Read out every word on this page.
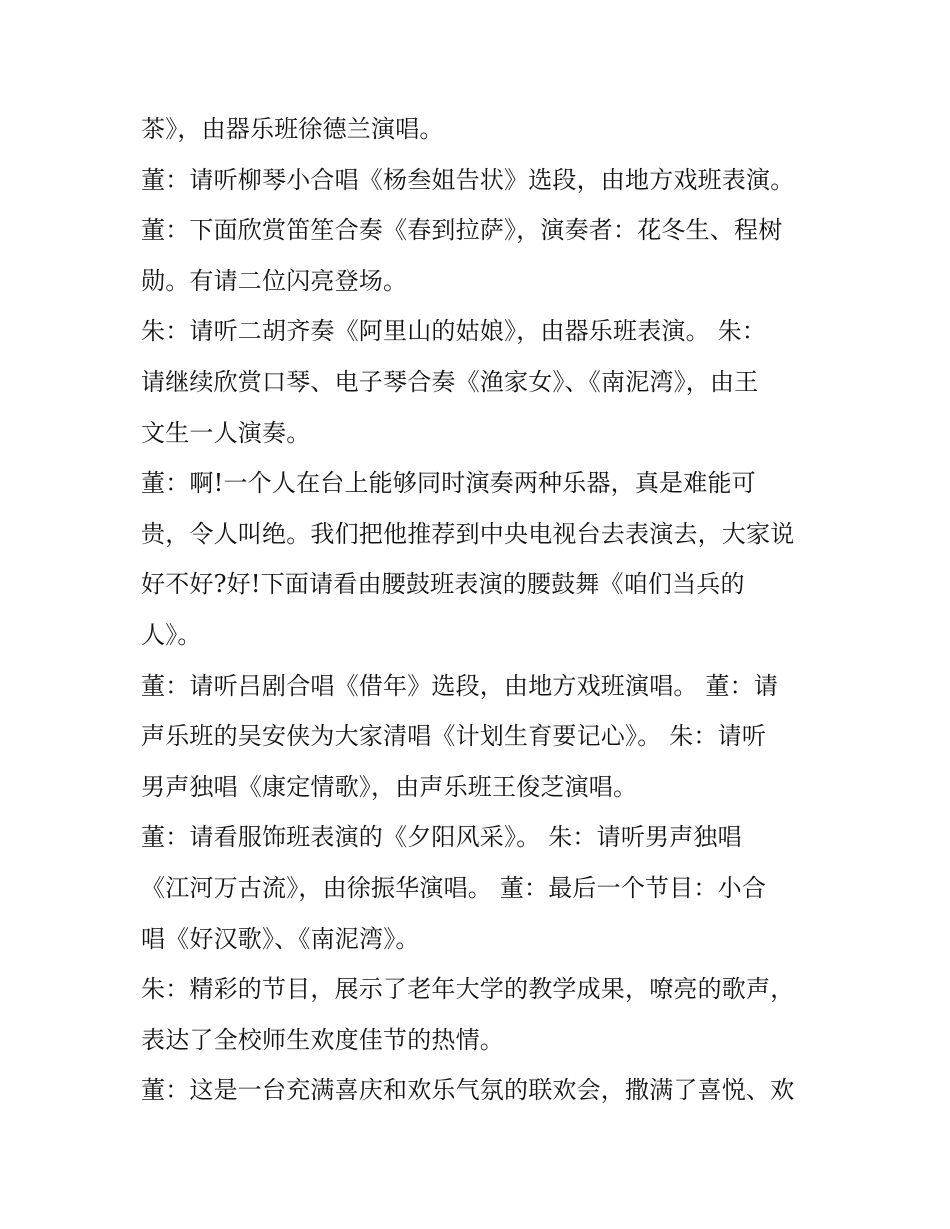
茶》，由器乐班徐德兰演唱。
董：请听柳琴小合唱《杨叁姐告状》选段，由地方戏班表演。
董：下面欣赏笛笙合奏《春到拉萨》，演奏者：花冬生、程树
勋。有请二位闪亮登场。
朱：请听二胡齐奏《阿里山的姑娘》，由器乐班表演。 朱：
请继续欣赏口琴、电子琴合奏《渔家女》、《南泥湾》，由王
文生一人演奏。
董：啊!一个人在台上能够同时演奏两种乐器，真是难能可
贵，令人叫绝。我们把他推荐到中央电视台去表演去，大家说
好不好?好!下面请看由腰鼓班表演的腰鼓舞《咱们当兵的
人》。
董：请听吕剧合唱《借年》选段，由地方戏班演唱。 董：请
声乐班的吴安侠为大家清唱《计划生育要记心》。 朱：请听
男声独唱《康定情歌》，由声乐班王俊芝演唱。
董：请看服饰班表演的《夕阳风采》。 朱：请听男声独唱
《江河万古流》，由徐振华演唱。 董：最后一个节目：小合
唱《好汉歌》、《南泥湾》。
朱：精彩的节目，展示了老年大学的教学成果，嘹亮的歌声，
表达了全校师生欢度佳节的热情。
董：这是一台充满喜庆和欢乐气氛的联欢会，撒满了喜悦、欢
